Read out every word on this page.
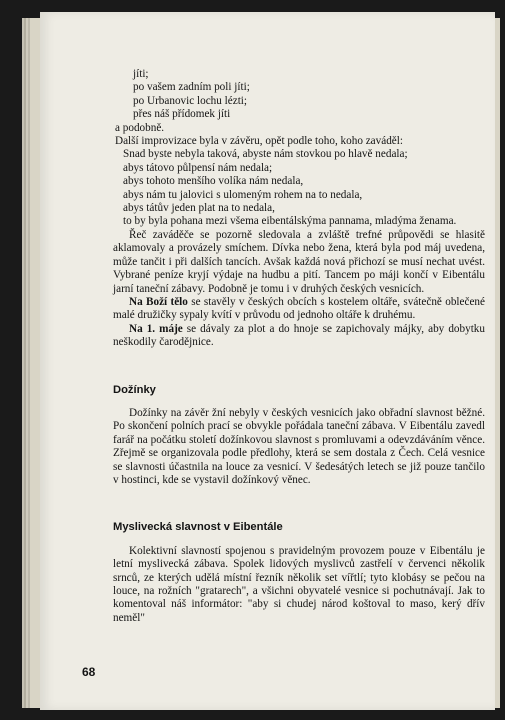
jíti;
po vašem zadním poli jíti;
po Urbanovic lochu lézti;
přes náš přídomek jíti
a podobně.

Další improvizace byla v závěru, opět podle toho, koho zaváděl:

Snad byste nebyla taková, abyste nám stovkou po hlavě nedala;
abys tátovo půlpensí nám nedala;
abys tohoto menšího volíka nám nedala,
abys nám tu jalovici s ulomeným rohem na to nedala,
abys tátův jeden plat na to nedala,

to by byla pohana mezi všema eibentálskýma pannama, mladýma ženama.

Řeč zaváděče se pozorně sledovala a zvláště trefné průpovědi se hlasitě aklamovaly a provázely smíchem. Dívka nebo žena, která byla pod máj uvedena, může tančit i při dalších tancích. Avšak každá nová přichozí se musí nechat uvést. Vybrané peníze kryjí výdaje na hudbu a pití. Tancem po máji končí v Eibentálu jarní taneční zábavy. Podobně je tomu i v druhých českých vesnicích.

Na Boží tělo se stavěly v českých obcích s kostelem oltáře, svátečně oblečené malé družičky sypaly kvítí v průvodu od jednoho oltáře k druhému.

Na 1. máje se dávaly za plot a do hnoje se zapichovaly májky, aby dobytku neškodily čarodějnice.

Dožínky

Dožínky na závěr žní nebyly v českých vesnicích jako obřadní slavnost běžné. Po skončení polních prací se obvykle pořádala taneční zábava. V Eibentálu zavedl farář na počátku století dožínkovou slavnost s promluvami a odevzdáváním věnce. Zřejmě se organizovala podle předlohy, která se sem dostala z Čech. Celá vesnice se slavnosti účastnila na louce za vesnicí. V šedesátých letech se již pouze tančilo v hostinci, kde se vystavil dožínkový věnec.

Myslivecká slavnost v Eibentále

Kolektivní slavností spojenou s pravidelným provozem pouze v Eibentálu je letní myslivecká zábava. Spolek lidových myslivců zastřelí v červenci několik srnců, ze kterých udělá místní řezník několik set vířtlí; tyto klobásy se pečou na louce, na rožních "gratarech", a všichni obyvatelé vesnice si pochutnávají. Jak to komentoval náš informátor: "aby si chudej národ koštoval to maso, kerý dřív neměl"

68
